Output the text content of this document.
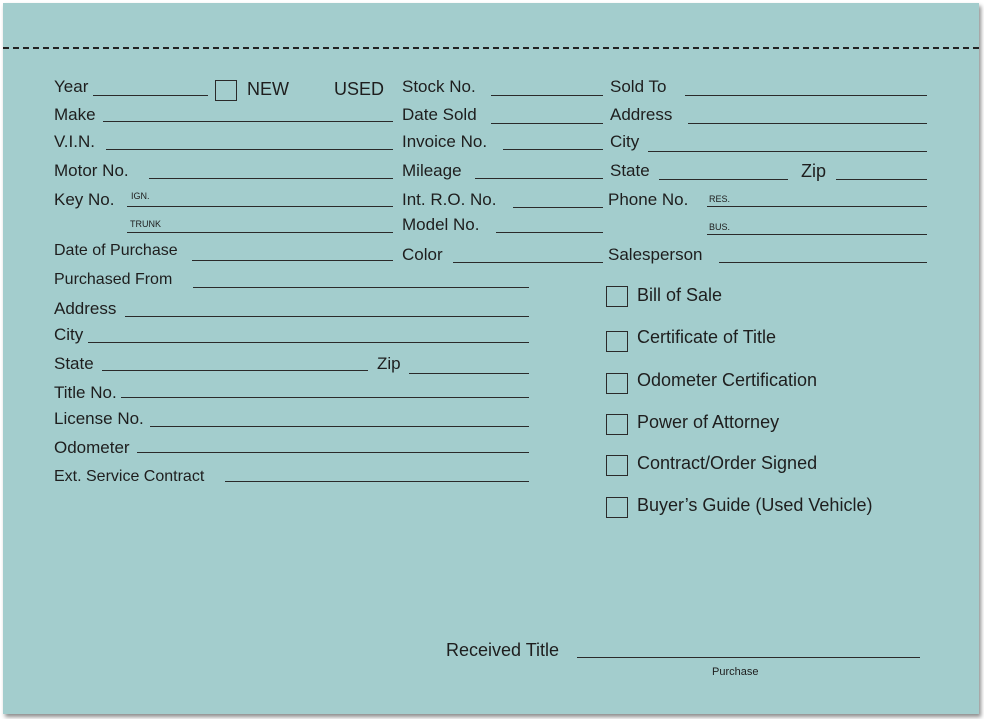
Year	NEW	USED
Make
V.I.N.
Motor No.
Key No. IGN.
TRUNK
Date of Purchase
Purchased From
Address
City
State	Zip
Title No.
License No.
Odometer
Ext. Service Contract
Stock No.
Date Sold
Invoice No.
Mileage
Int. R.O. No.
Model No.
Color
Sold To
Address
City
State	Zip
Phone No. RES.
BUS.
Salesperson
Bill of Sale
Certificate of Title
Odometer Certification
Power of Attorney
Contract/Order Signed
Buyer’s Guide (Used Vehicle)
Received Title
Purchase
